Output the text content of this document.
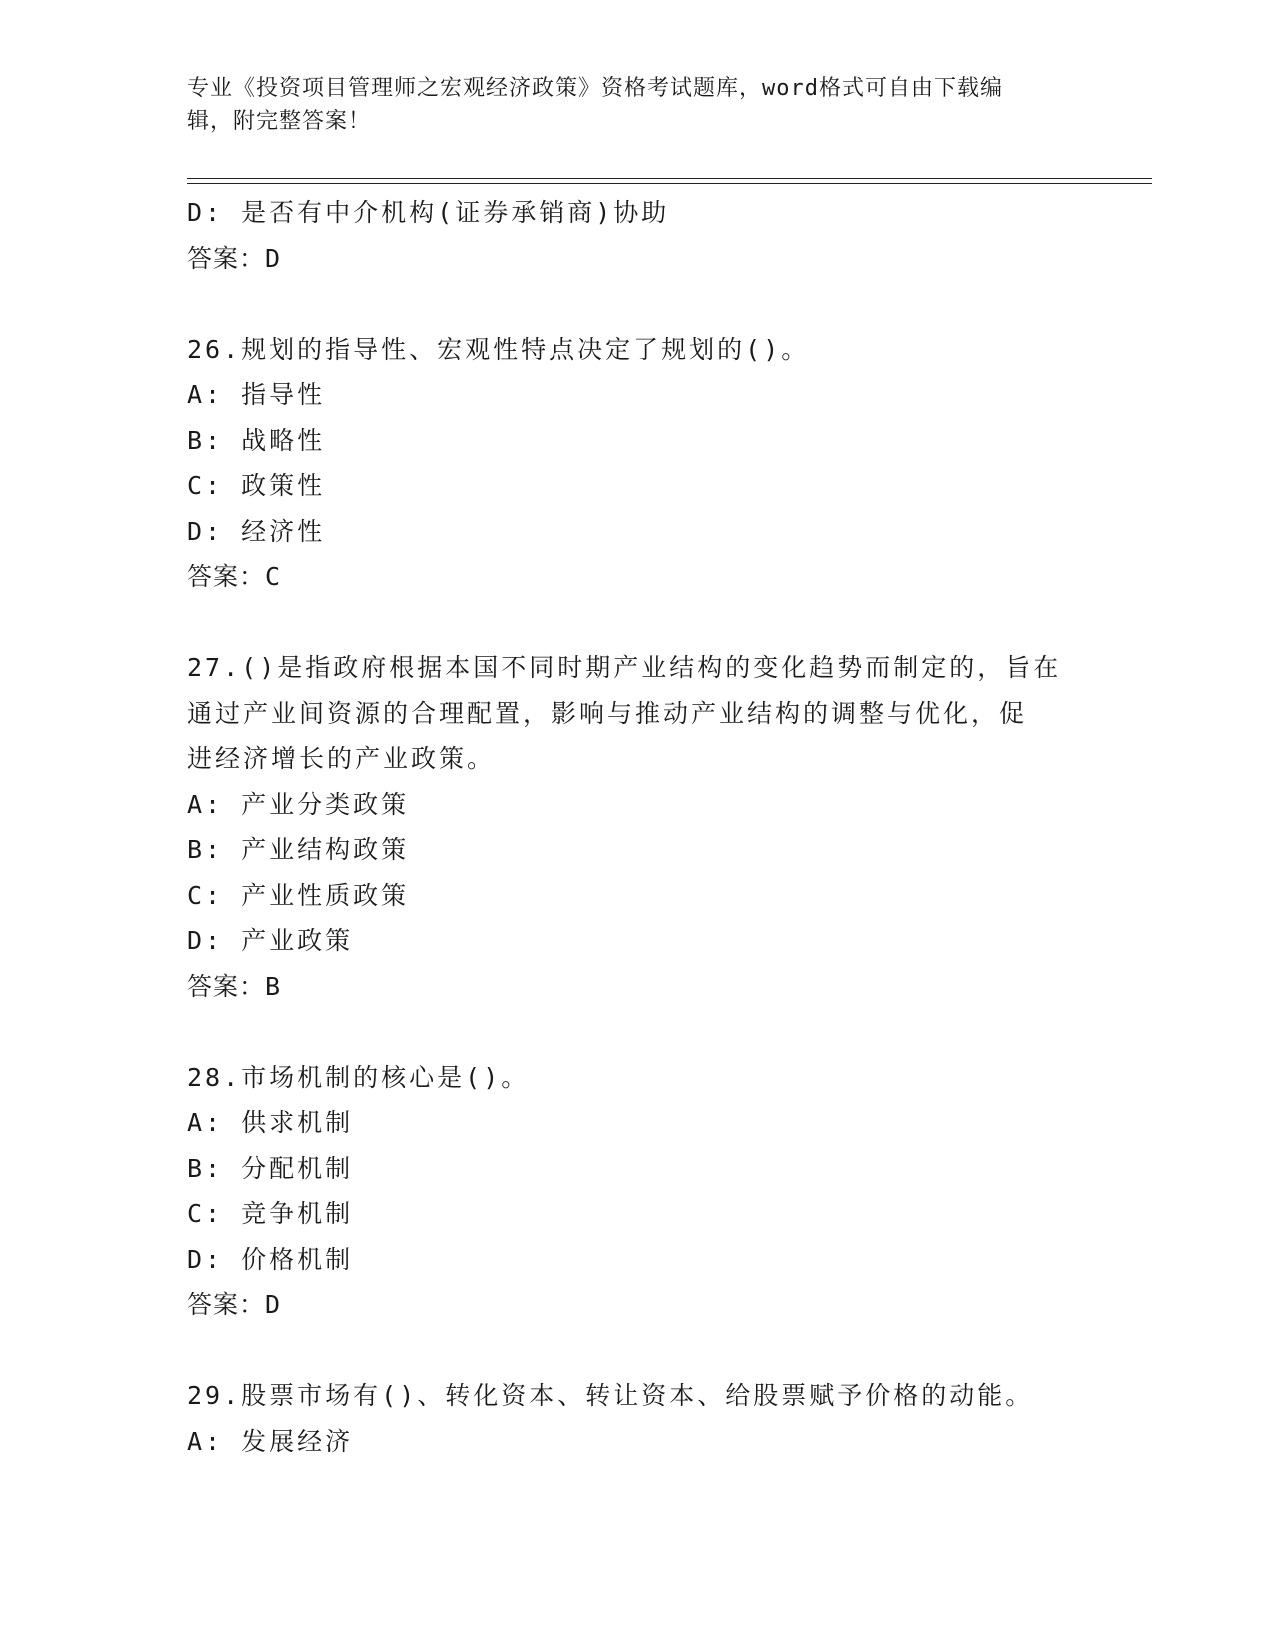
专业《投资项目管理师之宏观经济政策》资格考试题库，word格式可自由下载编
辑，附完整答案！
D: 是否有中介机构(证券承销商)协助
答案：D
26.规划的指导性、宏观性特点决定了规划的()。
A: 指导性
B: 战略性
C: 政策性
D: 经济性
答案：C
27.()是指政府根据本国不同时期产业结构的变化趋势而制定的，旨在
通过产业间资源的合理配置，影响与推动产业结构的调整与优化，促
进经济增长的产业政策。
A: 产业分类政策
B: 产业结构政策
C: 产业性质政策
D: 产业政策
答案：B
28.市场机制的核心是()。
A: 供求机制
B: 分配机制
C: 竞争机制
D: 价格机制
答案：D
29.股票市场有()、转化资本、转让资本、给股票赋予价格的动能。
A: 发展经济
